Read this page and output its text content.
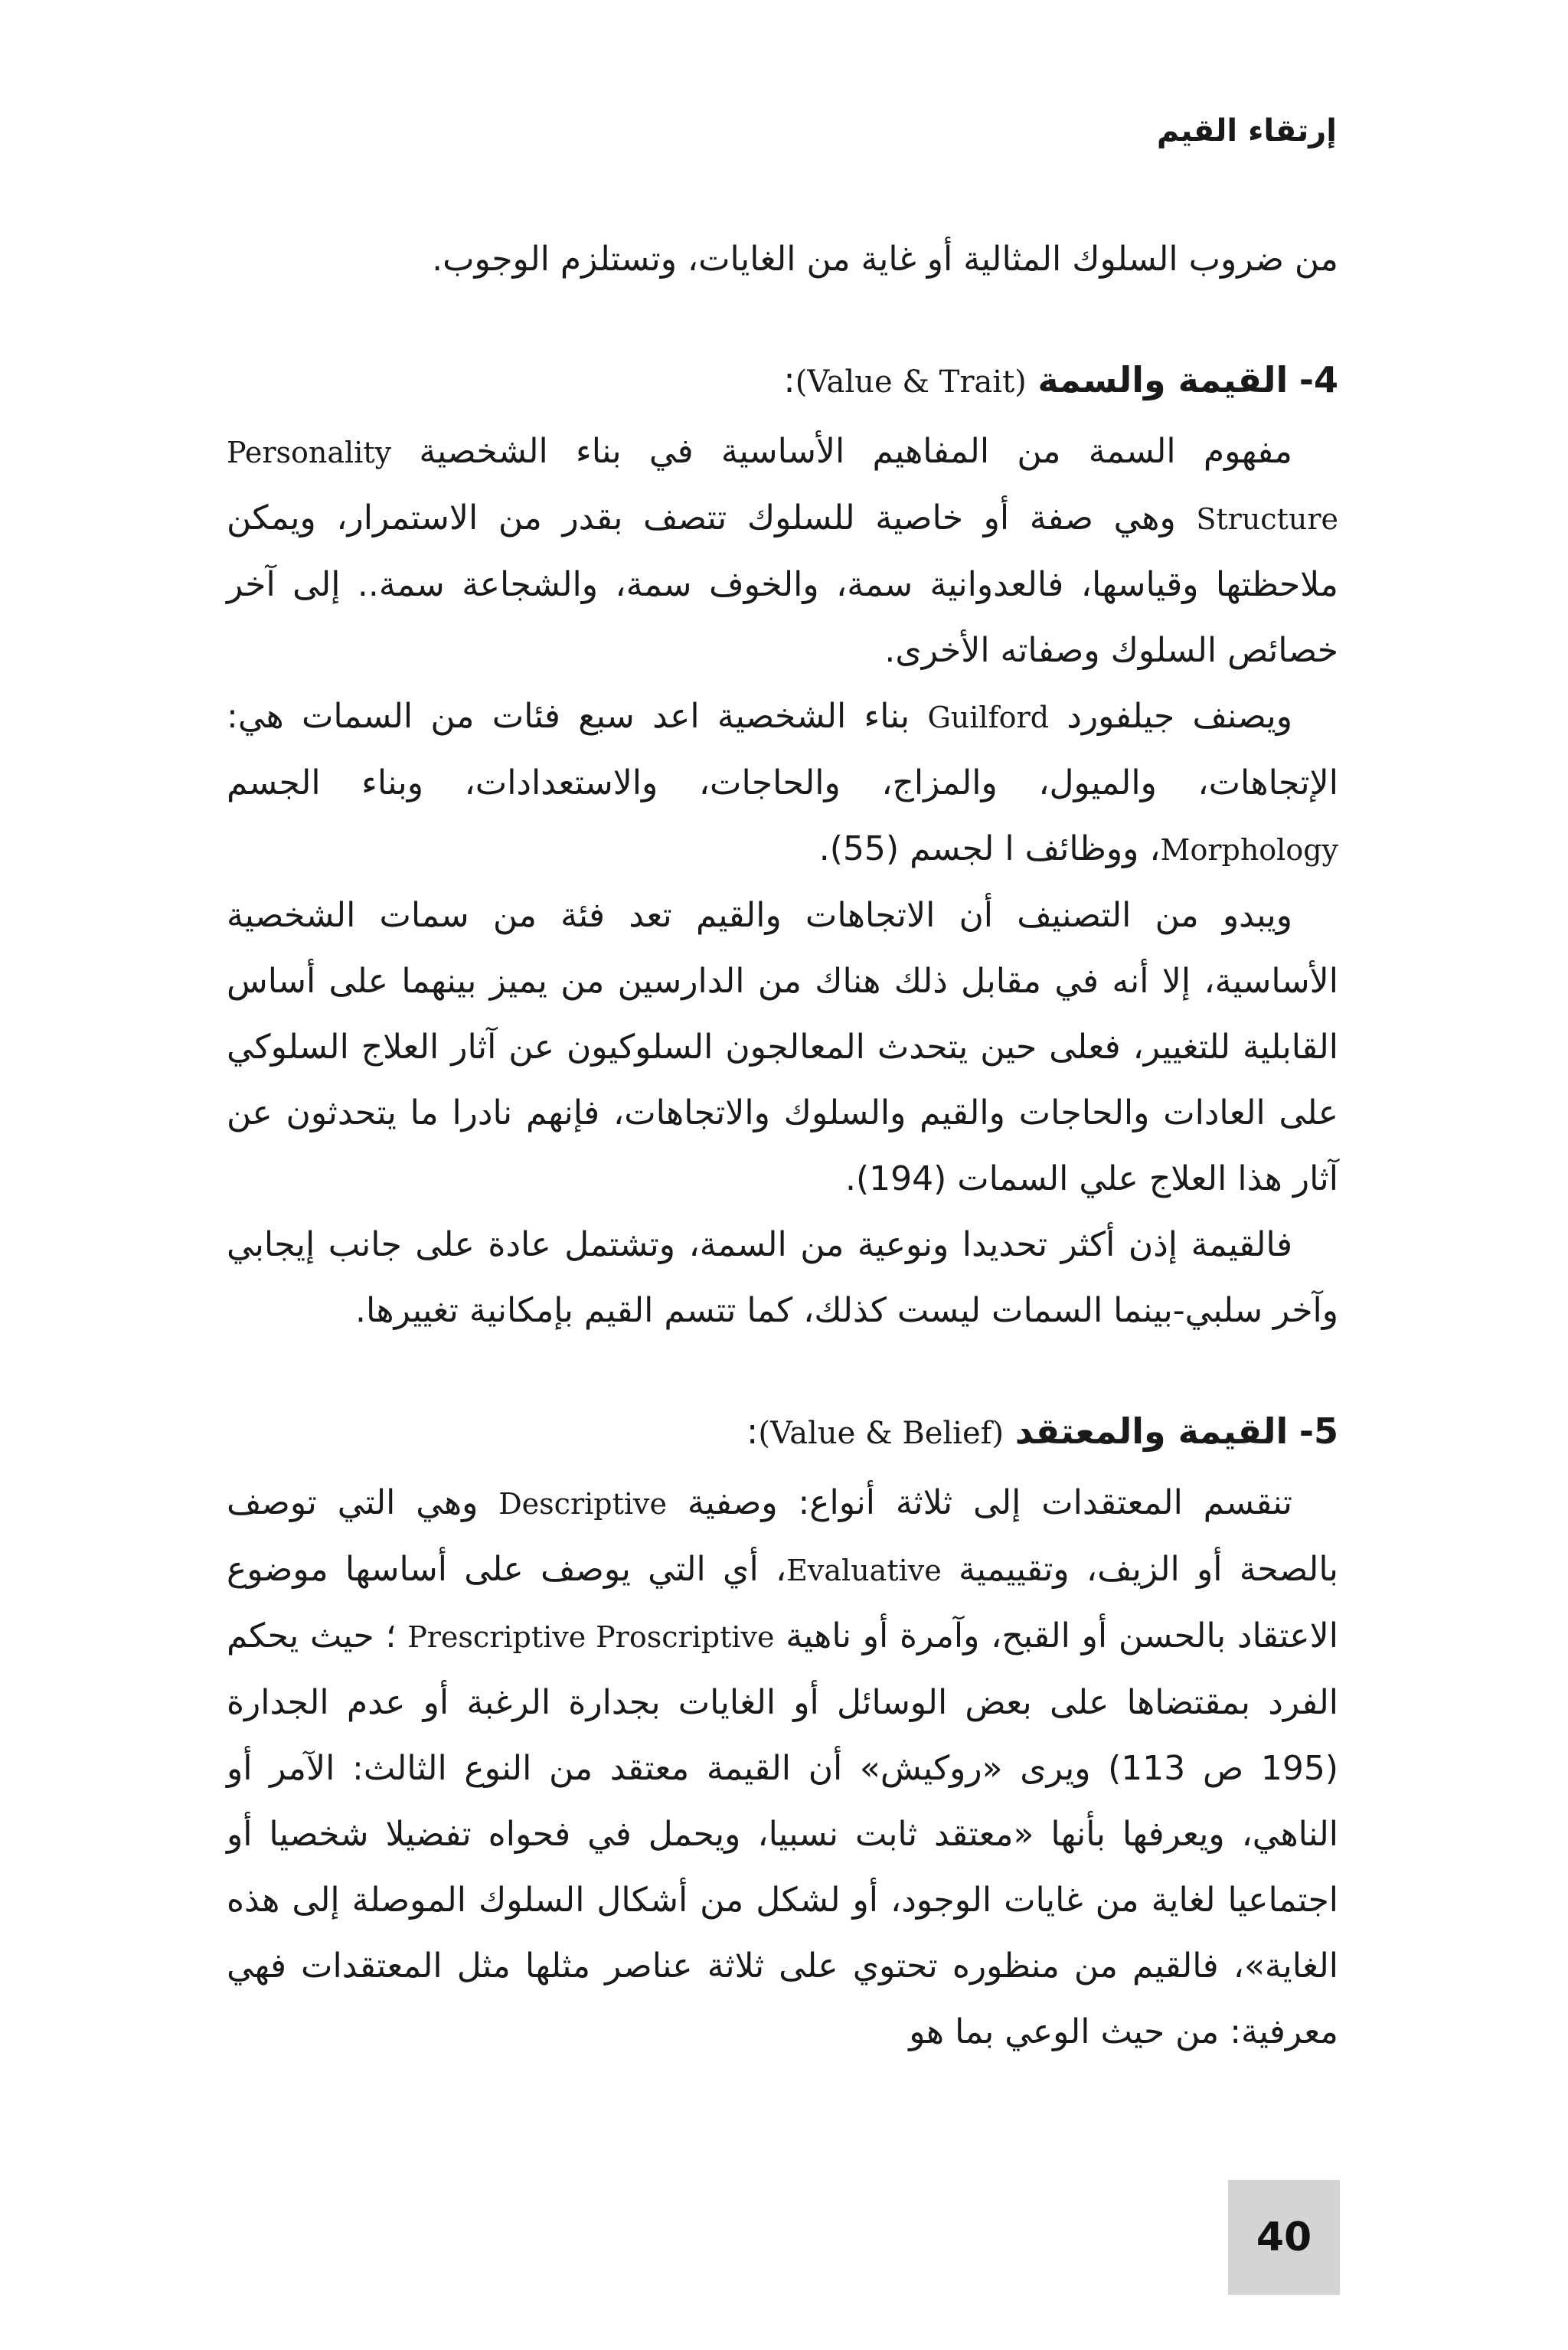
إرتقاء القيم

من ضروب السلوك المثالية أو غاية من الغايات، وتستلزم الوجوب.

4- القيمة والسمة (Value & Trait):

مفهوم السمة من المفاهيم الأساسية في بناء الشخصية Personality Structure وهي صفة أو خاصية للسلوك تتصف بقدر من الاستمرار، ويمكن ملاحظتها وقياسها، فالعدوانية سمة، والخوف سمة، والشجاعة سمة.. إلى آخر خصائص السلوك وصفاته الأخرى.

ويصنف جيلفورد Guilford بناء الشخصية اعد سبع فئات من السمات هي: الإتجاهات، والميول، والمزاج، والحاجات، والاستعدادات، وبناء الجسم Morphology، ووظائف ا لجسم (55).

ويبدو من التصنيف أن الاتجاهات والقيم تعد فئة من سمات الشخصية الأساسية، إلا أنه في مقابل ذلك هناك من الدارسين من يميز بينهما على أساس القابلية للتغيير، فعلى حين يتحدث المعالجون السلوكيون عن آثار العلاج السلوكي على العادات والحاجات والقيم والسلوك والاتجاهات، فإنهم نادرا ما يتحدثون عن آثار هذا العلاج علي السمات (194).

فالقيمة إذن أكثر تحديدا ونوعية من السمة، وتشتمل عادة على جانب إيجابي وآخر سلبي-بينما السمات ليست كذلك، كما تتسم القيم بإمكانية تغييرها.

5- القيمة والمعتقد (Value & Belief):

تنقسم المعتقدات إلى ثلاثة أنواع: وصفية Descriptive وهي التي توصف بالصحة أو الزيف، وتقييمية Evaluative، أي التي يوصف على أساسها موضوع الاعتقاد بالحسن أو القبح، وآمرة أو ناهية Prescriptive Proscriptive ؛ حيث يحكم الفرد بمقتضاها على بعض الوسائل أو الغايات بجدارة الرغبة أو عدم الجدارة (195 ص 113) ويرى «روكيش» أن القيمة معتقد من النوع الثالث: الآمر أو الناهي، ويعرفها بأنها «معتقد ثابت نسبيا، ويحمل في فحواه تفضيلا شخصيا أو اجتماعيا لغاية من غايات الوجود، أو لشكل من أشكال السلوك الموصلة إلى هذه الغاية»، فالقيم من منظوره تحتوي على ثلاثة عناصر مثلها مثل المعتقدات فهي معرفية: من حيث الوعي بما هو

40
